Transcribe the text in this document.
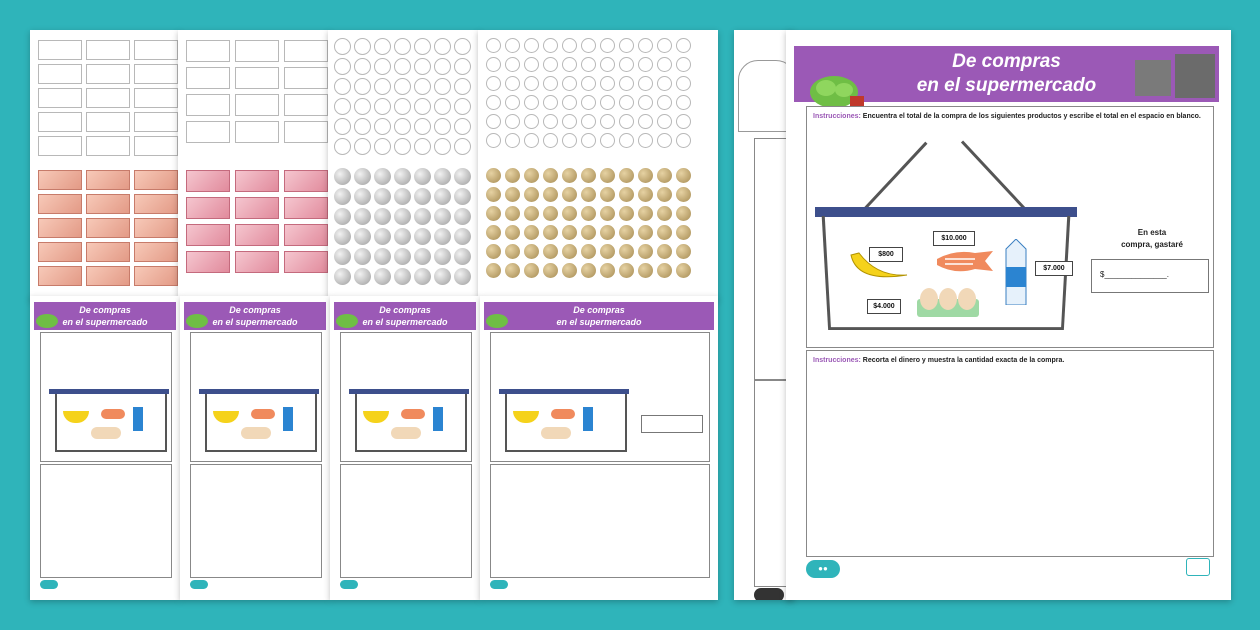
De compras
en el supermercado
De compras
en el supermercado
De compras
en el supermercado
De compras
en el supermercado
De compras
en el supermercado
Instrucciones: Encuentra el total de la compra de los siguientes productos y escribe el total en el espacio en blanco.
$10.000
$800
$7.000
$4.000
En esta
compra, gastaré
$______________.
Instrucciones: Recorta el dinero y muestra la cantidad exacta de la compra.
●●
